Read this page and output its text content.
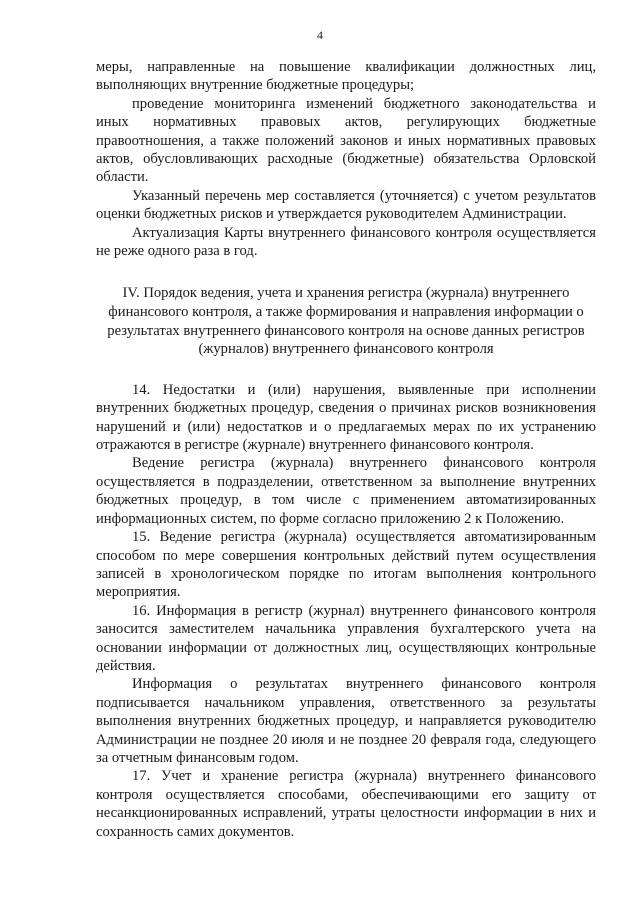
4

меры, направленные на повышение квалификации должностных лиц, выполняющих внутренние бюджетные процедуры;

проведение мониторинга изменений бюджетного законодательства и иных нормативных правовых актов, регулирующих бюджетные правоотношения, а также положений законов и иных нормативных правовых актов, обусловливающих расходные (бюджетные) обязательства Орловской области.

Указанный перечень мер составляется (уточняется) с учетом результатов оценки бюджетных рисков и утверждается руководителем Администрации.

Актуализация Карты внутреннего финансового контроля осуществляется не реже одного раза в год.

IV. Порядок ведения, учета и хранения регистра (журнала) внутреннего финансового контроля, а также формирования и направления информации о результатах внутреннего финансового контроля на основе данных регистров (журналов) внутреннего финансового контроля

14. Недостатки и (или) нарушения, выявленные при исполнении внутренних бюджетных процедур, сведения о причинах рисков возникновения нарушений и (или) недостатков и о предлагаемых мерах по их устранению отражаются в регистре (журнале) внутреннего финансового контроля.

Ведение регистра (журнала) внутреннего финансового контроля осуществляется в подразделении, ответственном за выполнение внутренних бюджетных процедур, в том числе с применением автоматизированных информационных систем, по форме согласно приложению 2 к Положению.

15. Ведение регистра (журнала) осуществляется автоматизированным способом по мере совершения контрольных действий путем осуществления записей в хронологическом порядке по итогам выполнения контрольного мероприятия.

16. Информация в регистр (журнал) внутреннего финансового контроля заносится заместителем начальника управления бухгалтерского учета на основании информации от должностных лиц, осуществляющих контрольные действия.

Информация о результатах внутреннего финансового контроля подписывается начальником управления, ответственного за результаты выполнения внутренних бюджетных процедур, и направляется руководителю Администрации не позднее 20 июля и не позднее 20 февраля года, следующего за отчетным финансовым годом.

17. Учет и хранение регистра (журнала) внутреннего финансового контроля осуществляется способами, обеспечивающими его защиту от несанкционированных исправлений, утраты целостности информации в них и сохранность самих документов.
